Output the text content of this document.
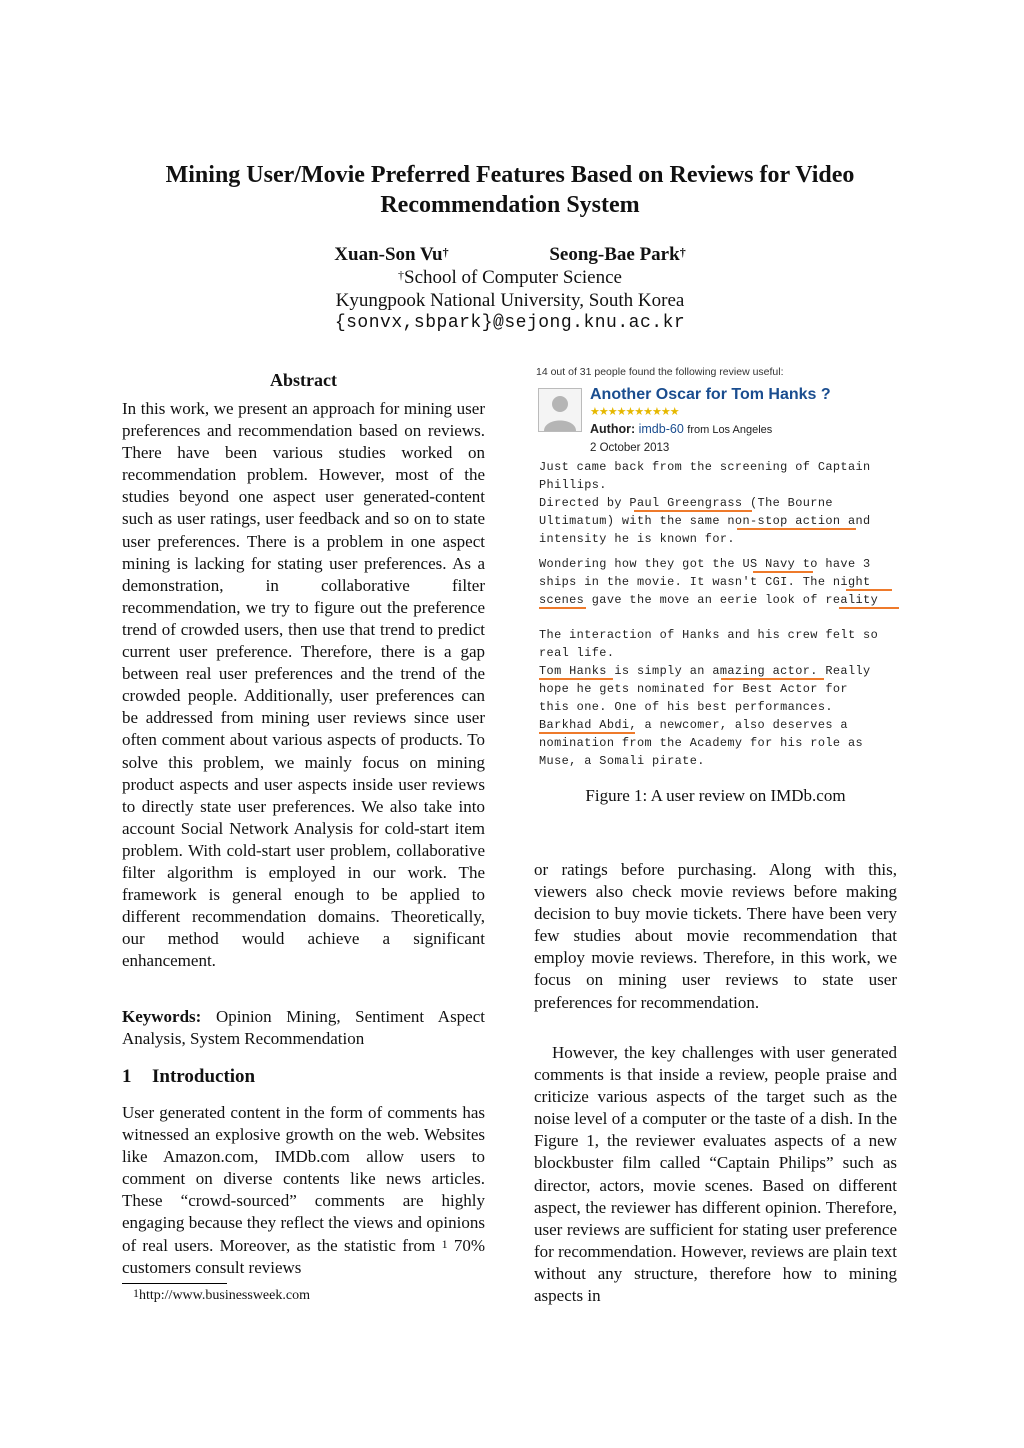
Mining User/Movie Preferred Features Based on Reviews for Video
Recommendation System
Xuan-Son Vu†	Seong-Bae Park†
†School of Computer Science
Kyungpook National University, South Korea
{sonvx,sbpark}@sejong.knu.ac.kr
Abstract
In this work, we present an approach for mining user preferences and recommendation based on reviews. There have been various studies worked on recommendation problem. However, most of the studies beyond one aspect user generated-content such as user ratings, user feedback and so on to state user preferences. There is a problem in one aspect mining is lacking for stating user preferences. As a demonstration, in collaborative filter recommendation, we try to figure out the preference trend of crowded users, then use that trend to predict current user preference. Therefore, there is a gap between real user preferences and the trend of the crowded people. Additionally, user preferences can be addressed from mining user reviews since user often comment about various aspects of products. To solve this problem, we mainly focus on mining product aspects and user aspects inside user reviews to directly state user preferences. We also take into account Social Network Analysis for cold-start item problem. With cold-start user problem, collaborative filter algorithm is employed in our work. The framework is general enough to be applied to different recommendation domains. Theoretically, our method would achieve a significant enhancement.
Keywords: Opinion Mining, Sentiment Aspect Analysis, System Recommendation
1 Introduction
User generated content in the form of comments has witnessed an explosive growth on the web. Websites like Amazon.com, IMDb.com allow users to comment on diverse contents like news articles. These “crowd-sourced” comments are highly engaging because they reflect the views and opinions of real users. Moreover, as the statistic from $^1$ 70% customers consult reviews
$^1$http://www.businessweek.com
14 out of 31 people found the following review useful:
Another Oscar for Tom Hanks ?
★★★★★★★★★★
Author: imdb-60 from Los Angeles
2 October 2013
Just came back from the screening of Captain
Phillips.
Directed by Paul Greengrass (The Bourne
Ultimatum) with the same non-stop action and
intensity he is known for.
Wondering how they got the US Navy to have 3
ships in the movie. It wasn't CGI. The night
scenes gave the move an eerie look of reality
The interaction of Hanks and his crew felt so
real life.
Tom Hanks is simply an amazing actor. Really
hope he gets nominated for Best Actor for
this one. One of his best performances.
Barkhad Abdi, a newcomer, also deserves a
nomination from the Academy for his role as
Muse, a Somali pirate.
Figure 1: A user review on IMDb.com
or ratings before purchasing. Along with this, viewers also check movie reviews before making decision to buy movie tickets. There have been very few studies about movie recommendation that employ movie reviews. Therefore, in this work, we focus on mining user reviews to state user preferences for recommendation.
However, the key challenges with user generated comments is that inside a review, people praise and criticize various aspects of the target such as the noise level of a computer or the taste of a dish. In the Figure 1, the reviewer evaluates aspects of a new blockbuster film called “Captain Philips” such as director, actors, movie scenes. Based on different aspect, the reviewer has different opinion. Therefore, user reviews are sufficient for stating user preference for recommendation. However, reviews are plain text without any structure, therefore how to mining aspects in
